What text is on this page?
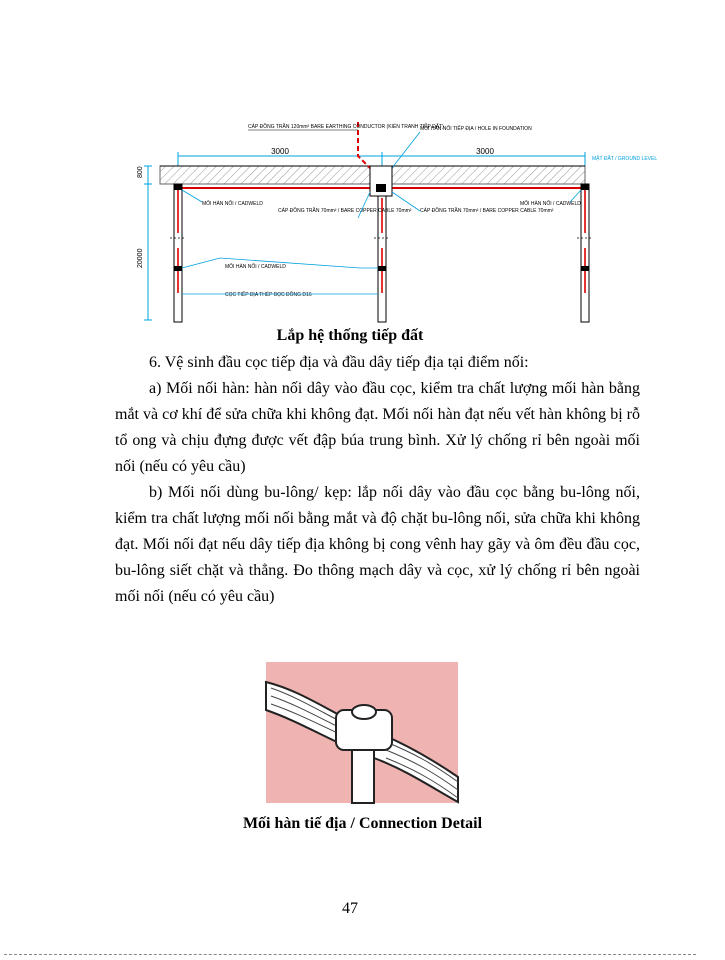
3000	3000
MẶT ĐẤT / GROUND LEVEL
800
20000
CÁP ĐỒNG TRẦN 120mm² BARE EARTHING CONDUCTOR (KIỂN TRANH TIẾP ĐẤT)
MỐI HÀN NỐI TIẾP ĐỊA / HOLE IN FOUNDATION
MỐI HÀN NỐI / CADWELD
CÁP ĐỒNG TRẦN 70mm² / BARE COPPER CABLE 70mm² CÁP ĐỒNG TRẦN 70mm² / BARE COPPER CABLE 70mm²
MỐI HÀN NỐI / CADWELD
MỐI HÀN NỐI / CADWELD
CỌC TIẾP ĐỊA THÉP BỌC ĐỒNG D16
Lắp hệ thống tiếp đất
6. Vệ sinh đầu cọc tiếp địa và đầu dây tiếp địa tại điểm nối:
a) Mối nối hàn: hàn nối dây vào đầu cọc, kiểm tra chất lượng mối hàn bằng mắt và cơ khí để sửa chữa khi không đạt. Mối nối hàn đạt nếu vết hàn không bị rỗ tổ ong và chịu đựng được vết đập búa trung bình. Xử lý chống rỉ bên ngoài mối nối (nếu có yêu cầu)
b) Mối nối dùng bu-lông/ kẹp: lắp nối dây vào đầu cọc bằng bu-lông nối, kiểm tra chất lượng mối nối bằng mắt và độ chặt bu-lông nối, sửa chữa khi không đạt. Mối nối đạt nếu dây tiếp địa không bị cong vênh hay gãy và ôm đều đầu cọc, bu-lông siết chặt và thẳng. Đo thông mạch dây và cọc, xử lý chống rỉ bên ngoài mối nối (nếu có yêu cầu)
Mối hàn tiế địa / Connection Detail
47
